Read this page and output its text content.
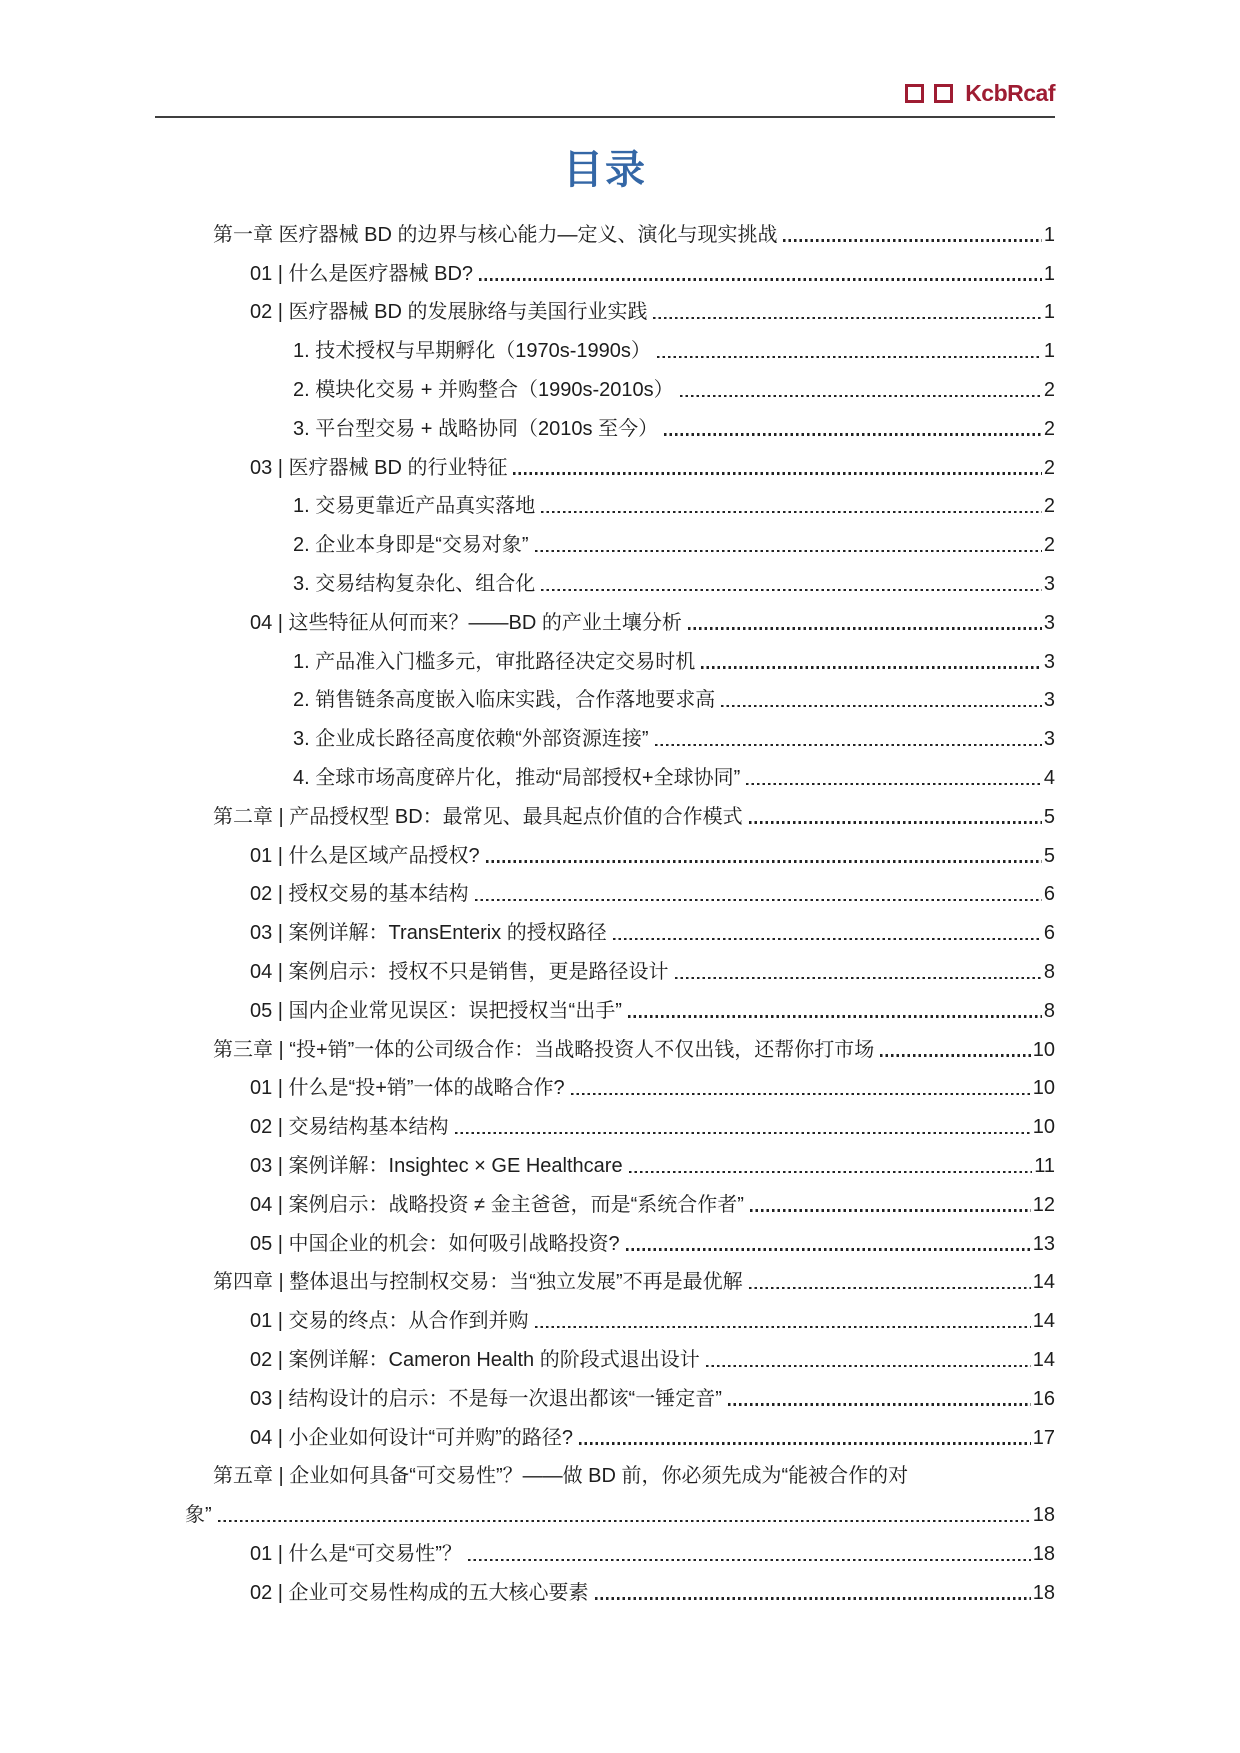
KcbRcaf
目录
第一章 医疗器械 BD 的边界与核心能力—定义、演化与现实挑战	1
01 | 什么是医疗器械 BD?	1
02 | 医疗器械 BD 的发展脉络与美国行业实践	1
1. 技术授权与早期孵化（1970s-1990s）	1
2. 模块化交易 + 并购整合（1990s-2010s）	2
3. 平台型交易 + 战略协同（2010s 至今）	2
03 | 医疗器械 BD 的行业特征	2
1. 交易更靠近产品真实落地	2
2. 企业本身即是“交易对象”	2
3. 交易结构复杂化、组合化	3
04 | 这些特征从何而来？——BD 的产业土壤分析	3
1. 产品准入门槛多元，审批路径决定交易时机	3
2. 销售链条高度嵌入临床实践，合作落地要求高	3
3. 企业成长路径高度依赖“外部资源连接”	3
4. 全球市场高度碎片化，推动“局部授权+全球协同”	4
第二章 | 产品授权型 BD：最常见、最具起点价值的合作模式	5
01 | 什么是区域产品授权?	5
02 | 授权交易的基本结构	6
03 | 案例详解：TransEnterix 的授权路径	6
04 | 案例启示：授权不只是销售，更是路径设计	8
05 | 国内企业常见误区：误把授权当“出手”	8
第三章 | “投+销”一体的公司级合作：当战略投资人不仅出钱，还帮你打市场	10
01 | 什么是“投+销”一体的战略合作?	10
02 | 交易结构基本结构	10
03 | 案例详解：Insightec × GE Healthcare	11
04 | 案例启示：战略投资 ≠ 金主爸爸，而是“系统合作者”	12
05 | 中国企业的机会：如何吸引战略投资?	13
第四章 | 整体退出与控制权交易：当“独立发展”不再是最优解	14
01 | 交易的终点：从合作到并购	14
02 | 案例详解：Cameron Health 的阶段式退出设计	14
03 | 结构设计的启示：不是每一次退出都该“一锤定音”	16
04 | 小企业如何设计“可并购”的路径?	17
第五章 | 企业如何具备“可交易性”？——做 BD 前，你必须先成为“能被合作的对
象”	18
01 | 什么是“可交易性”？	18
02 | 企业可交易性构成的五大核心要素	18
